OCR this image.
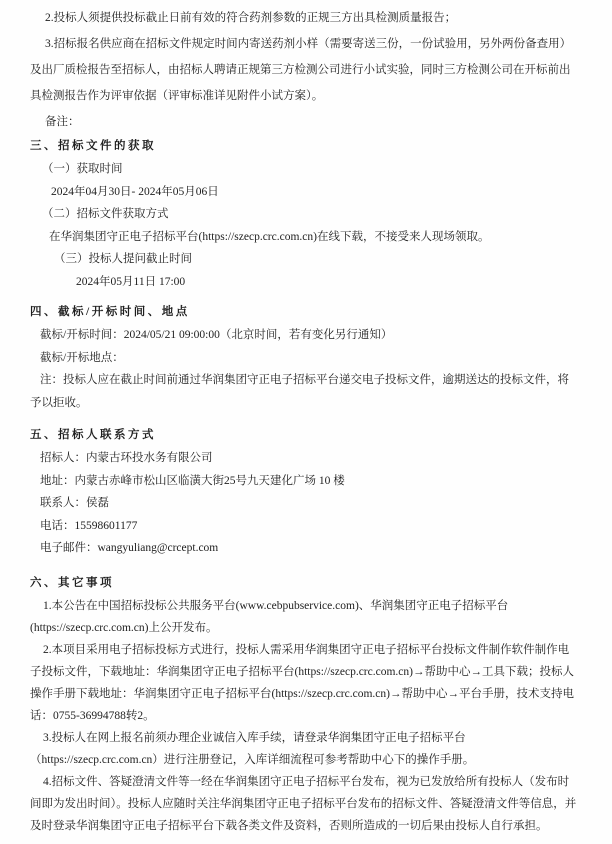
2.投标人须提供投标截止日前有效的符合药剂参数的正规三方出具检测质量报告；

3.招标报名供应商在招标文件规定时间内寄送药剂小样（需要寄送三份，一份试验用，另外两份备查用）及出厂质检报告至招标人，由招标人聘请正规第三方检测公司进行小试实验，同时三方检测公司在开标前出具检测报告作为评审依据（评审标准详见附件小试方案）。

备注：

三、招标文件的获取

（一）获取时间

2024年04月30日- 2024年05月06日

（二）招标文件获取方式

在华润集团守正电子招标平台(https://szecp.crc.com.cn)在线下载，不接受来人现场领取。

（三）投标人提问截止时间

2024年05月11日 17:00

四、截标/开标时间、地点

截标/开标时间：2024/05/21 09:00:00（北京时间，若有变化另行通知）

截标/开标地点：

注：投标人应在截止时间前通过华润集团守正电子招标平台递交电子投标文件，逾期送达的投标文件，将予以拒收。

五、招标人联系方式

招标人：内蒙古环投水务有限公司

地址：内蒙古赤峰市松山区临潢大街25号九天建化广场 10 楼

联系人：侯磊

电话：15598601177

电子邮件：wangyuliang@crcept.com

六、其它事项

1.本公告在中国招标投标公共服务平台(www.cebpubservice.com)、华润集团守正电子招标平台(https://szecp.crc.com.cn)上公开发布。

2.本项目采用电子招标投标方式进行，投标人需采用华润集团守正电子招标平台投标文件制作软件制作电子投标文件，下载地址：华润集团守正电子招标平台(https://szecp.crc.com.cn)→帮助中心→工具下载；投标人操作手册下载地址：华润集团守正电子招标平台(https://szecp.crc.com.cn)→帮助中心→平台手册，技术支持电话：0755-36994788转2。

3.投标人在网上报名前须办理企业诚信入库手续，请登录华润集团守正电子招标平台（https://szecp.crc.com.cn）进行注册登记，入库详细流程可参考帮助中心下的操作手册。

4.招标文件、答疑澄清文件等一经在华润集团守正电子招标平台发布，视为已发放给所有投标人（发布时间即为发出时间）。投标人应随时关注华润集团守正电子招标平台发布的招标文件、答疑澄清文件等信息，并及时登录华润集团守正电子招标平台下载各类文件及资料，否则所造成的一切后果由投标人自行承担。
